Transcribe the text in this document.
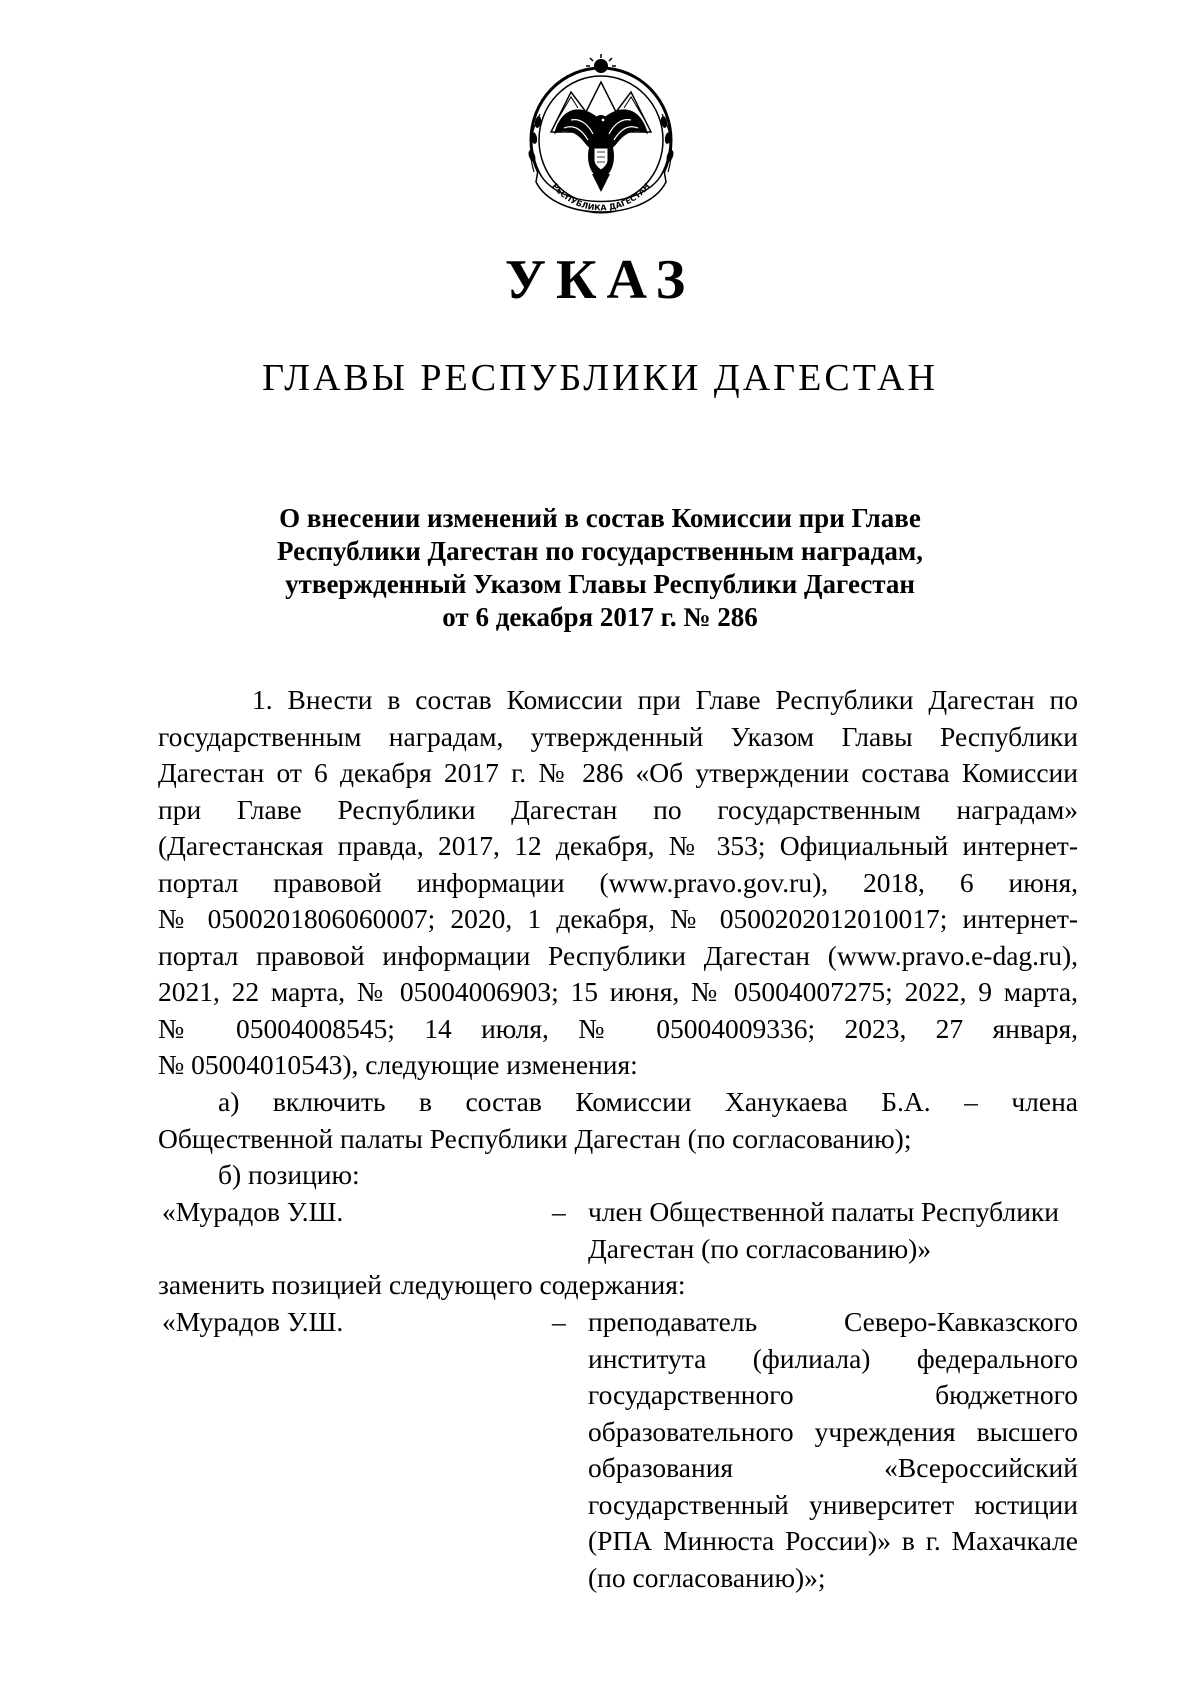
РЕСПУБЛИКА ДАГЕСТАН
УКАЗ
ГЛАВЫ РЕСПУБЛИКИ ДАГЕСТАН
О внесении изменений в состав Комиссии при Главе
Республики Дагестан по государственным наградам,
утвержденный Указом Главы Республики Дагестан
от 6 декабря 2017 г. № 286
1. Внести в состав Комиссии при Главе Республики Дагестан по
государственным наградам, утвержденный Указом Главы Республики
Дагестан от 6 декабря 2017 г. № 286 «Об утверждении состава Комиссии
при Главе Республики Дагестан по государственным наградам»
(Дагестанская правда, 2017, 12 декабря, № 353; Официальный интернет-
портал правовой информации (www.pravo.gov.ru), 2018, 6 июня,
№ 0500201806060007; 2020, 1 декабря, № 0500202012010017; интернет-
портал правовой информации Республики Дагестан (www.pravo.e-dag.ru),
2021, 22 марта, № 05004006903; 15 июня, № 05004007275; 2022, 9 марта,
№ 05004008545; 14 июля, № 05004009336; 2023, 27 января,
№ 05004010543), следующие изменения:
а) включить в состав Комиссии Ханукаева Б.А. – члена
Общественной палаты Республики Дагестан (по согласованию);
б) позицию:
«Мурадов У.Ш.	– член Общественной палаты Республики
Дагестан (по согласованию)»
заменить позицией следующего содержания:
«Мурадов У.Ш.	– преподаватель Северо-Кавказского
института (филиала) федерального
государственного бюджетного
образовательного учреждения высшего
образования «Всероссийский
государственный университет юстиции
(РПА Минюста России)» в г. Махачкале
(по согласованию)»;
